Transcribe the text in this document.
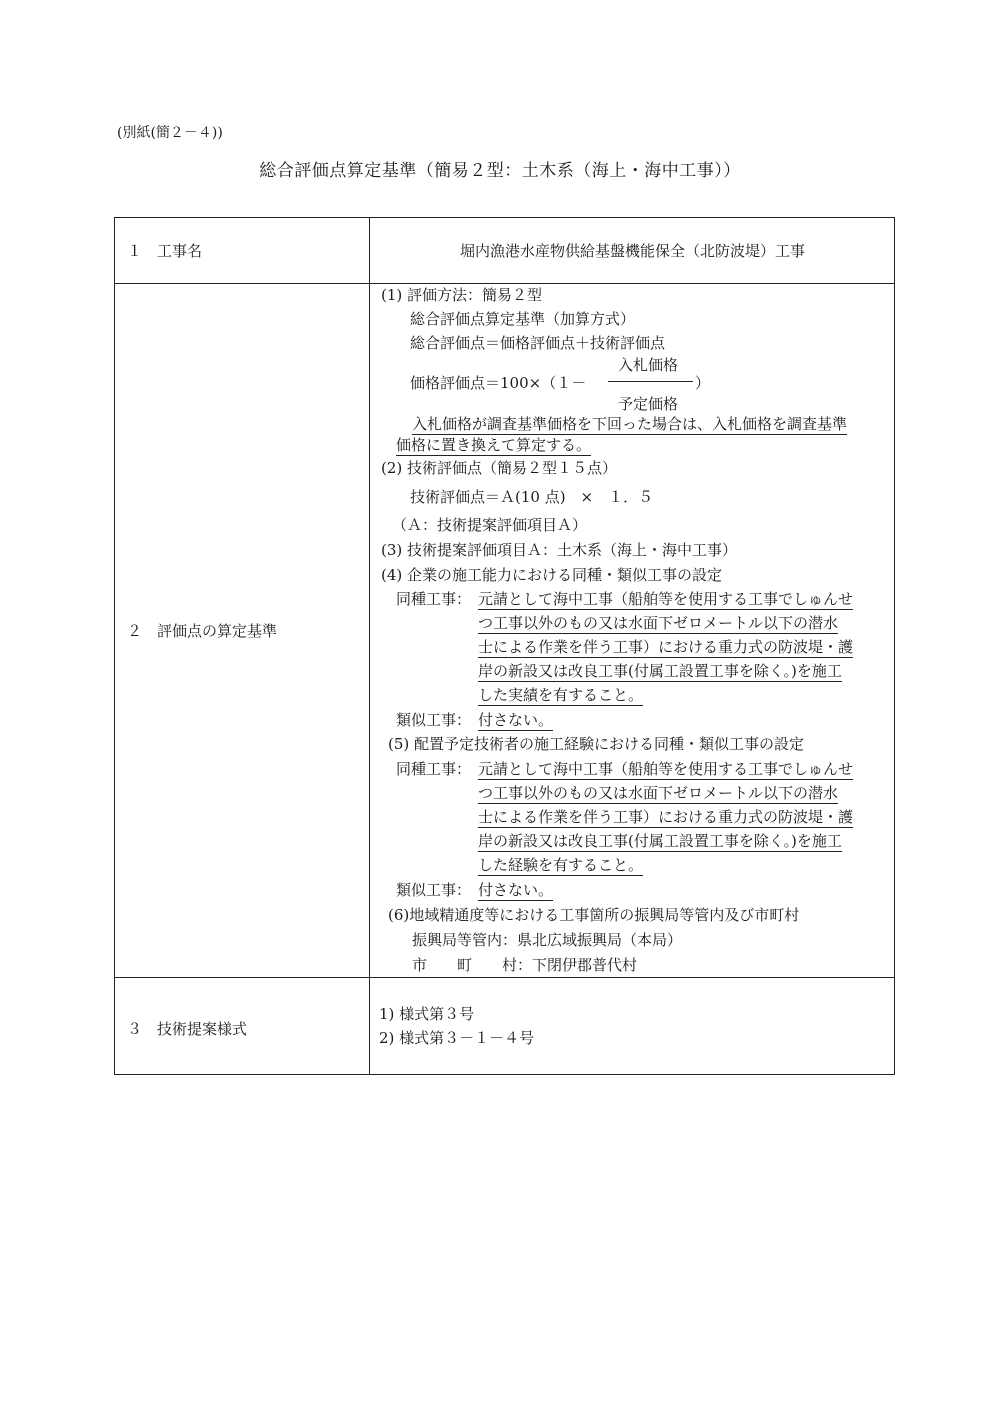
(別紙(簡２－４))
総合評価点算定基準（簡易２型：土木系（海上・海中工事））
１　工事名	堀内漁港水産物供給基盤機能保全（北防波堤）工事
２　評価点の算定基準
３　技術提案様式
1) 様式第３号
2) 様式第３－１－４号
(1) 評価方法：簡易２型
総合評価点算定基準（加算方式）
総合評価点＝価格評価点＋技術評価点
入札価格
価格評価点＝100×（１－	）
予定価格
入札価格が調査基準価格を下回った場合は、入札価格を調査基準
価格に置き換えて算定する。
(2) 技術評価点（簡易２型１５点）
技術評価点＝Ａ(10 点)　×　１．５
（Ａ：技術提案評価項目Ａ）
(3) 技術提案評価項目Ａ：土木系（海上・海中工事）
(4) 企業の施工能力における同種・類似工事の設定
同種工事： 元請として海中工事（船舶等を使用する工事でしゅんせ
つ工事以外のもの又は水面下ゼロメートル以下の潜水
士による作業を伴う工事）における重力式の防波堤・護
岸の新設又は改良工事(付属工設置工事を除く。)を施工
した実績を有すること。
類似工事： 付さない。
(5) 配置予定技術者の施工経験における同種・類似工事の設定
同種工事： 元請として海中工事（船舶等を使用する工事でしゅんせ
つ工事以外のもの又は水面下ゼロメートル以下の潜水
士による作業を伴う工事）における重力式の防波堤・護
岸の新設又は改良工事(付属工設置工事を除く。)を施工
した経験を有すること。
類似工事： 付さない。
(6)地域精通度等における工事箇所の振興局等管内及び市町村
振興局等管内：県北広域振興局（本局）
市　　町　　村：下閉伊郡普代村
